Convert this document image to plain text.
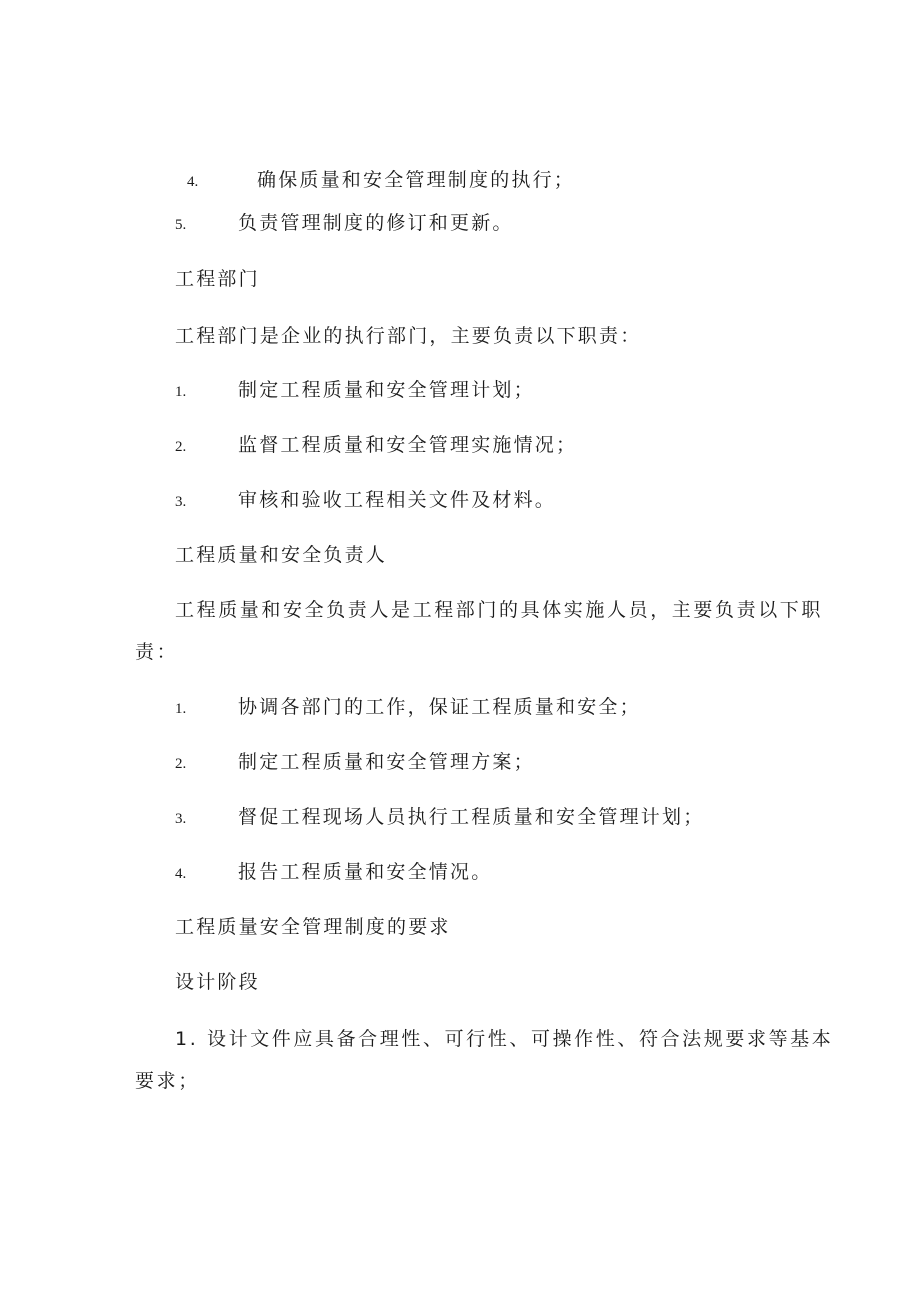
4.	确保质量和安全管理制度的执行；
5.	负责管理制度的修订和更新。
工程部门
工程部门是企业的执行部门，主要负责以下职责：
1.	制定工程质量和安全管理计划；
2.	监督工程质量和安全管理实施情况；
3.	审核和验收工程相关文件及材料。
工程质量和安全负责人
工程质量和安全负责人是工程部门的具体实施人员，主要负责以下职
责：
1.	协调各部门的工作，保证工程质量和安全；
2.	制定工程质量和安全管理方案；
3.	督促工程现场人员执行工程质量和安全管理计划；
4.	报告工程质量和安全情况。
工程质量安全管理制度的要求
设计阶段
1. 设计文件应具备合理性、可行性、可操作性、符合法规要求等基本
要求；
